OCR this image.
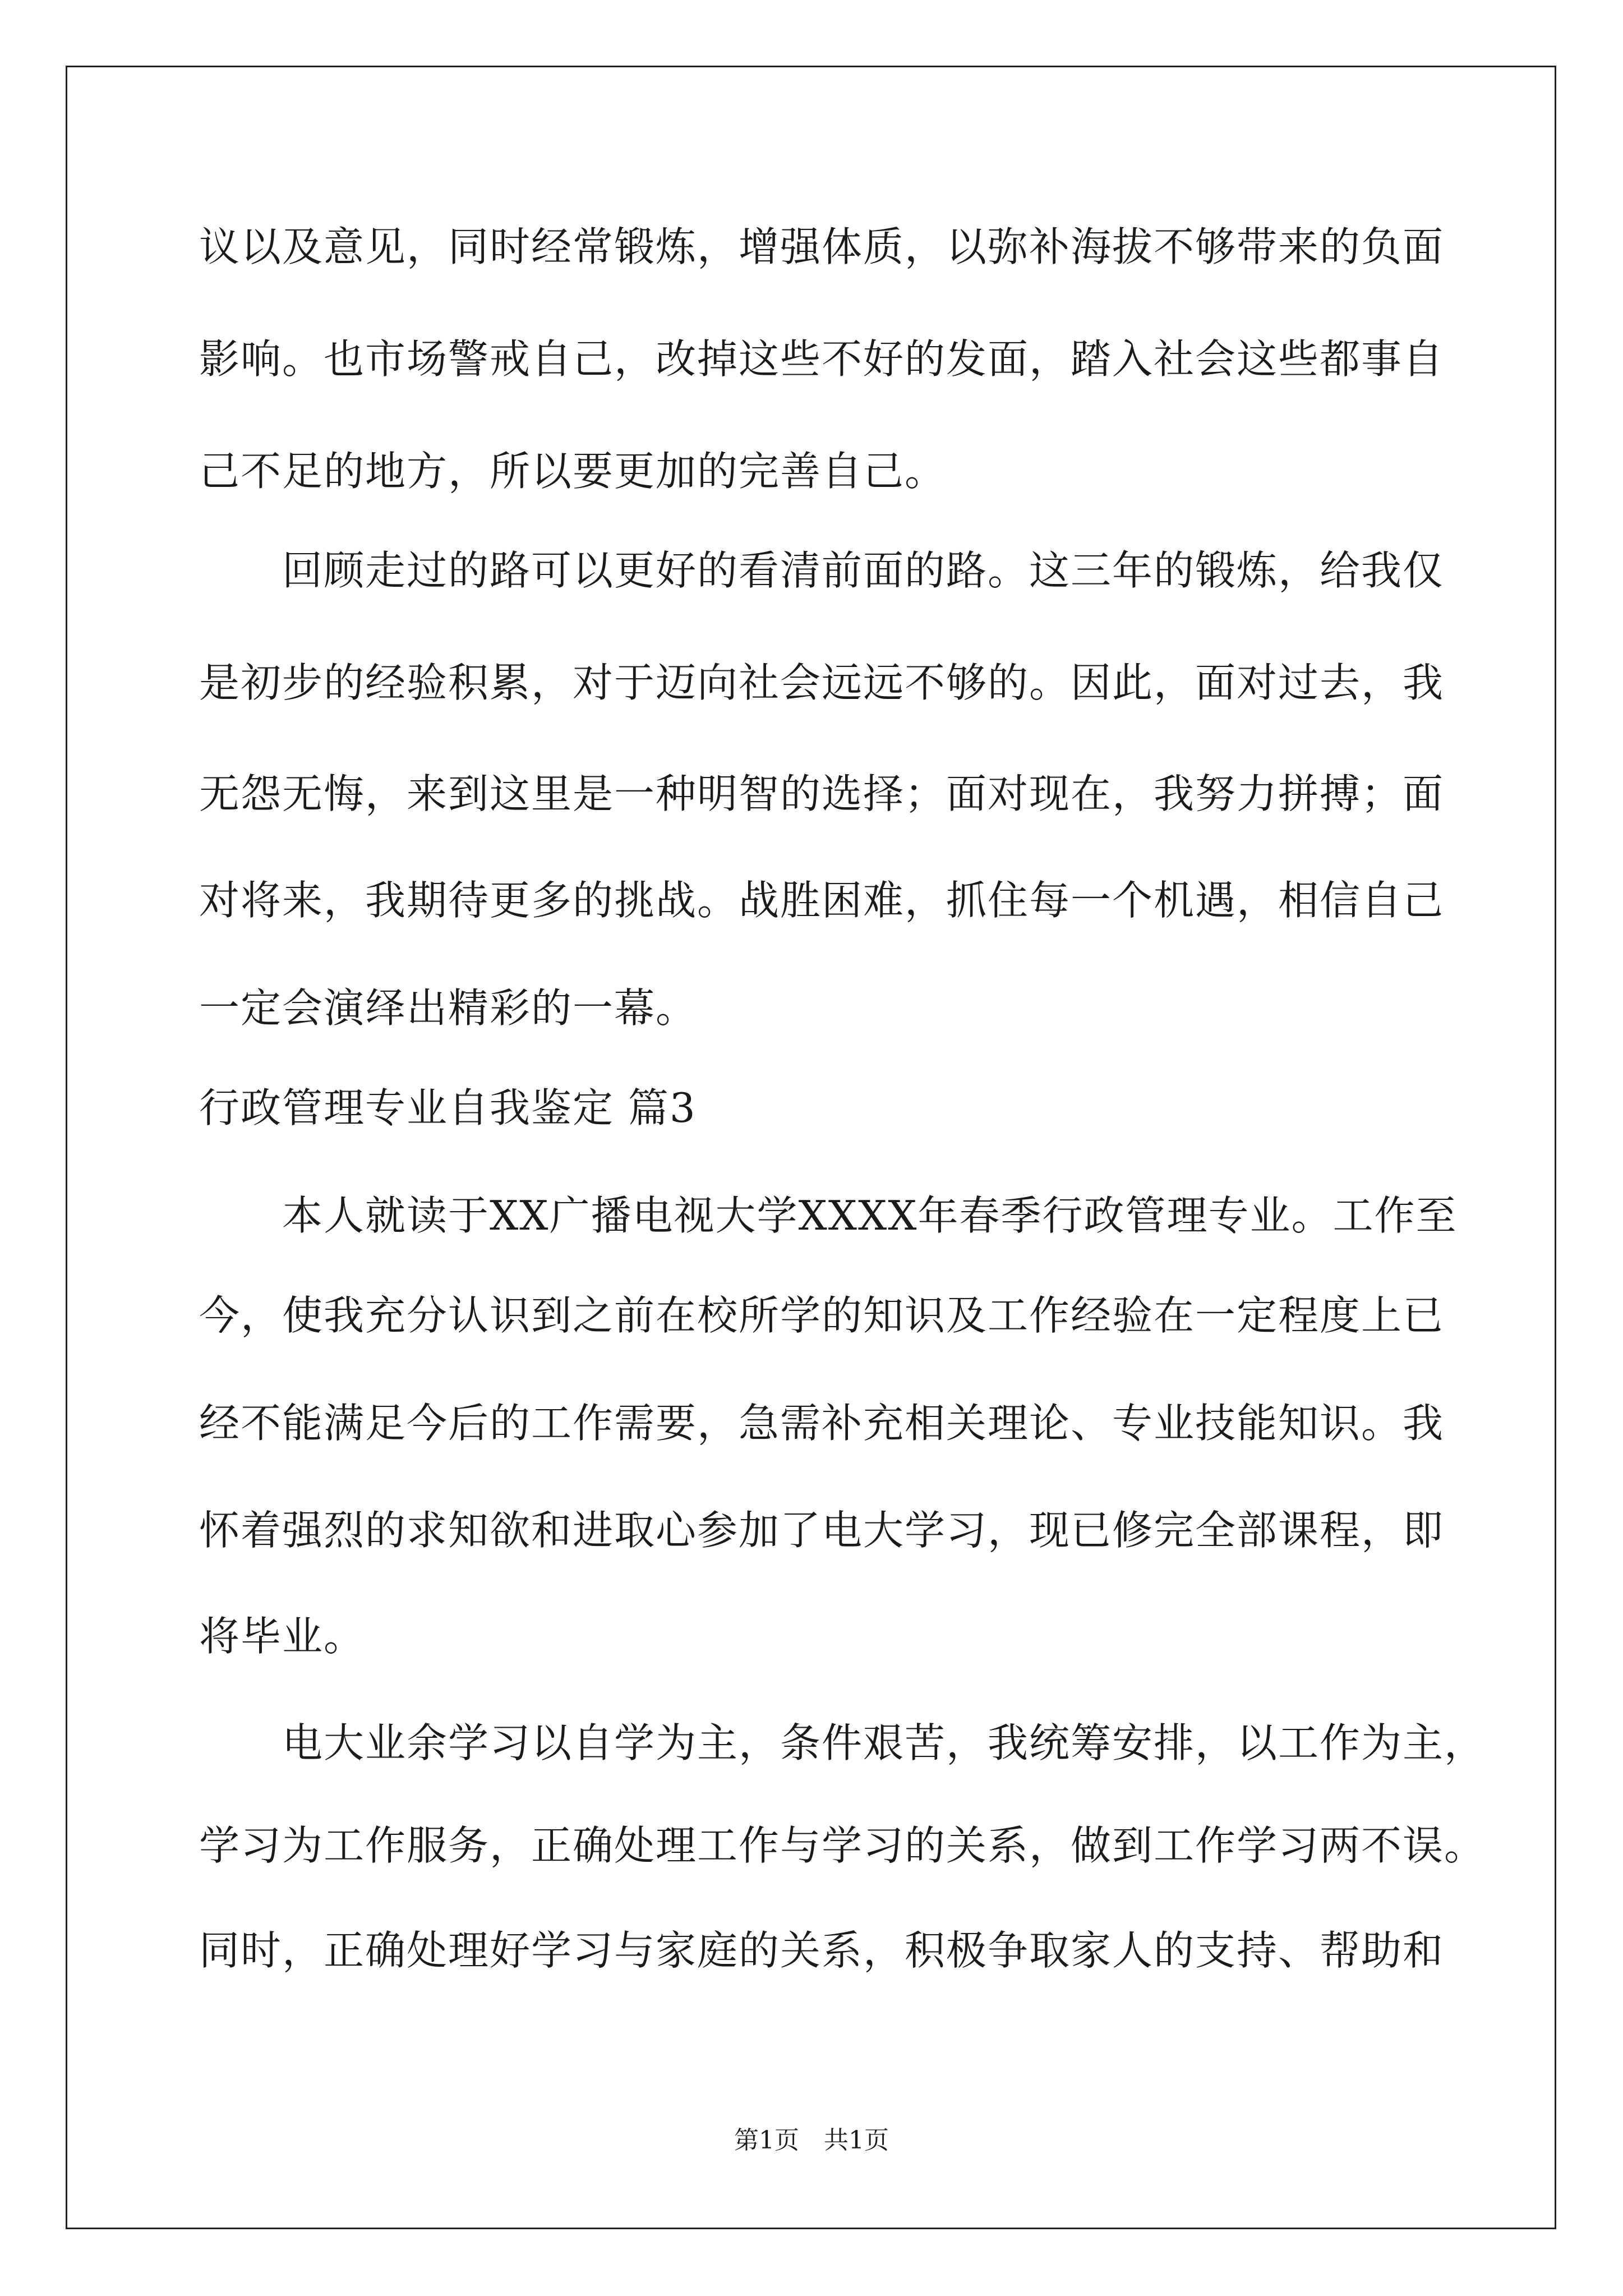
议以及意见，同时经常锻炼，增强体质，以弥补海拔不够带来的负面
影响。也市场警戒自己，改掉这些不好的发面，踏入社会这些都事自
己不足的地方，所以要更加的完善自己。
　　回顾走过的路可以更好的看清前面的路。这三年的锻炼，给我仅
是初步的经验积累，对于迈向社会远远不够的。因此，面对过去，我
无怨无悔，来到这里是一种明智的选择；面对现在，我努力拼搏；面
对将来，我期待更多的挑战。战胜困难，抓住每一个机遇，相信自己
一定会演绎出精彩的一幕。
行政管理专业自我鉴定 篇3
　　本人就读于XX广播电视大学XXXX年春季行政管理专业。工作至
今，使我充分认识到之前在校所学的知识及工作经验在一定程度上已
经不能满足今后的工作需要，急需补充相关理论、专业技能知识。我
怀着强烈的求知欲和进取心参加了电大学习，现已修完全部课程，即
将毕业。
　　电大业余学习以自学为主，条件艰苦，我统筹安排，以工作为主，
学习为工作服务，正确处理工作与学习的关系，做到工作学习两不误。
同时，正确处理好学习与家庭的关系，积极争取家人的支持、帮助和
第1页　共1页
